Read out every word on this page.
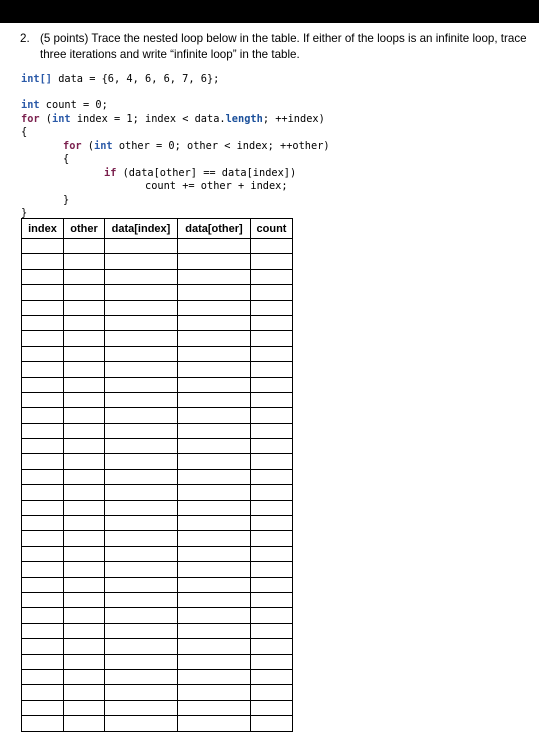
2. (5 points) Trace the nested loop below in the table. If either of the loops is an infinite loop, trace three iterations and write “infinite loop” in the table.
int[] data = {6, 4, 6, 6, 7, 6};
int count = 0;
for (int index = 1; index < data.length; ++index)
{
for (int other = 0; other < index; ++other)
{
if (data[other] == data[index])
count += other + index;
}
}
index	other	data[index]	data[other]	count
